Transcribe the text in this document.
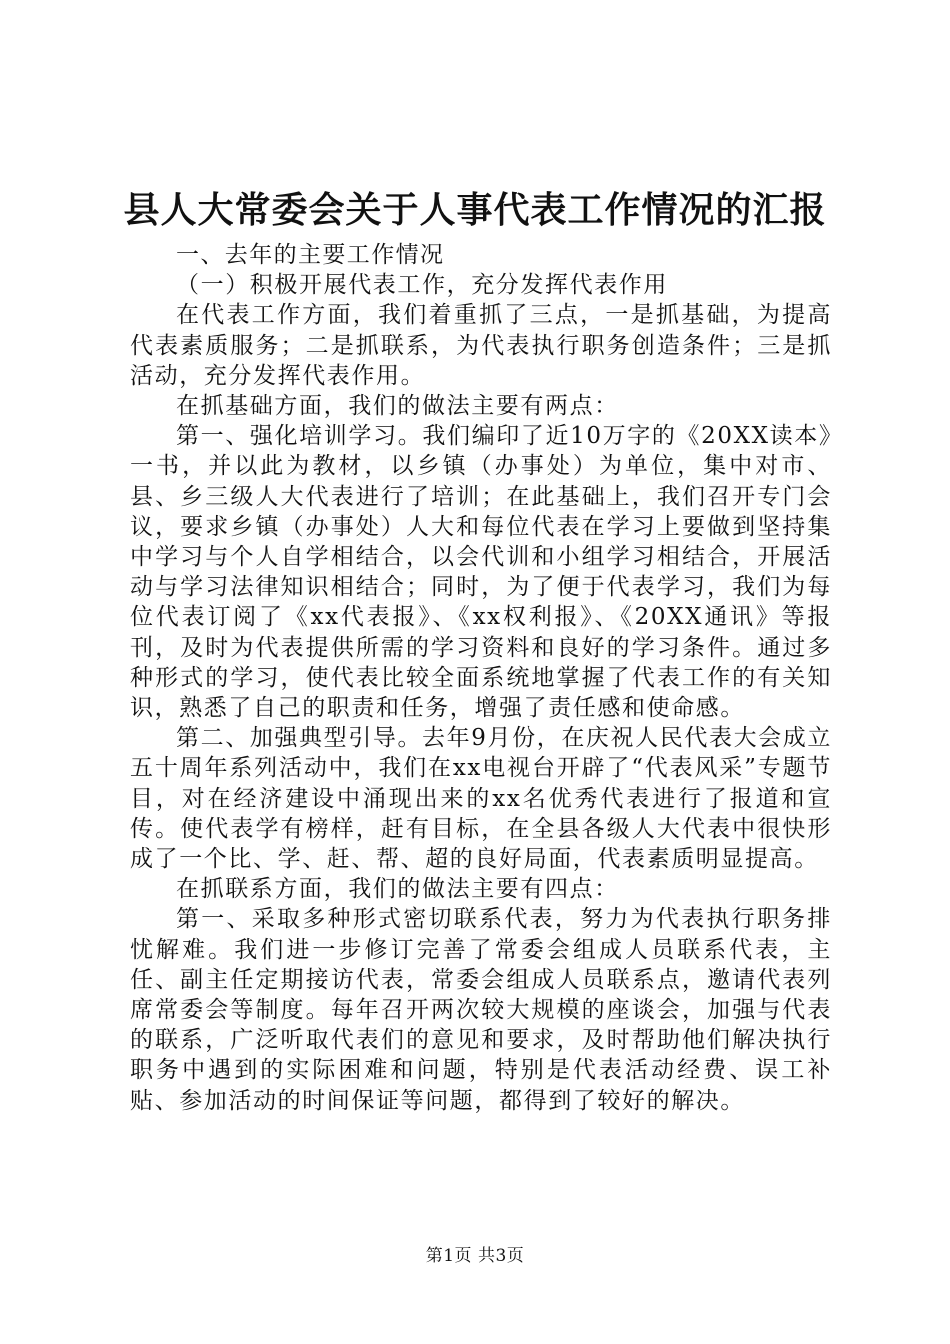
县人大常委会关于人事代表工作情况的汇报

一、去年的主要工作情况

（一）积极开展代表工作，充分发挥代表作用

在代表工作方面，我们着重抓了三点，一是抓基础，为提高代表素质服务；二是抓联系，为代表执行职务创造条件；三是抓活动，充分发挥代表作用。

在抓基础方面，我们的做法主要有两点：

第一、强化培训学习。我们编印了近10万字的《20XX读本》一书，并以此为教材，以乡镇（办事处）为单位，集中对市、县、乡三级人大代表进行了培训；在此基础上，我们召开专门会议，要求乡镇（办事处）人大和每位代表在学习上要做到坚持集中学习与个人自学相结合，以会代训和小组学习相结合，开展活动与学习法律知识相结合；同时，为了便于代表学习，我们为每位代表订阅了《xx代表报》、《xx权利报》、《20XX通讯》等报刊，及时为代表提供所需的学习资料和良好的学习条件。通过多种形式的学习，使代表比较全面系统地掌握了代表工作的有关知识，熟悉了自己的职责和任务，增强了责任感和使命感。

第二、加强典型引导。去年9月份，在庆祝人民代表大会成立五十周年系列活动中，我们在xx电视台开辟了“代表风采”专题节目，对在经济建设中涌现出来的xx名优秀代表进行了报道和宣传。使代表学有榜样，赶有目标，在全县各级人大代表中很快形成了一个比、学、赶、帮、超的良好局面，代表素质明显提高。

在抓联系方面，我们的做法主要有四点：

第一、采取多种形式密切联系代表，努力为代表执行职务排忧解难。我们进一步修订完善了常委会组成人员联系代表，主任、副主任定期接访代表，常委会组成人员联系点，邀请代表列席常委会等制度。每年召开两次较大规模的座谈会，加强与代表的联系，广泛听取代表们的意见和要求，及时帮助他们解决执行职务中遇到的实际困难和问题，特别是代表活动经费、误工补贴、参加活动的时间保证等问题，都得到了较好的解决。

第1页 共3页
